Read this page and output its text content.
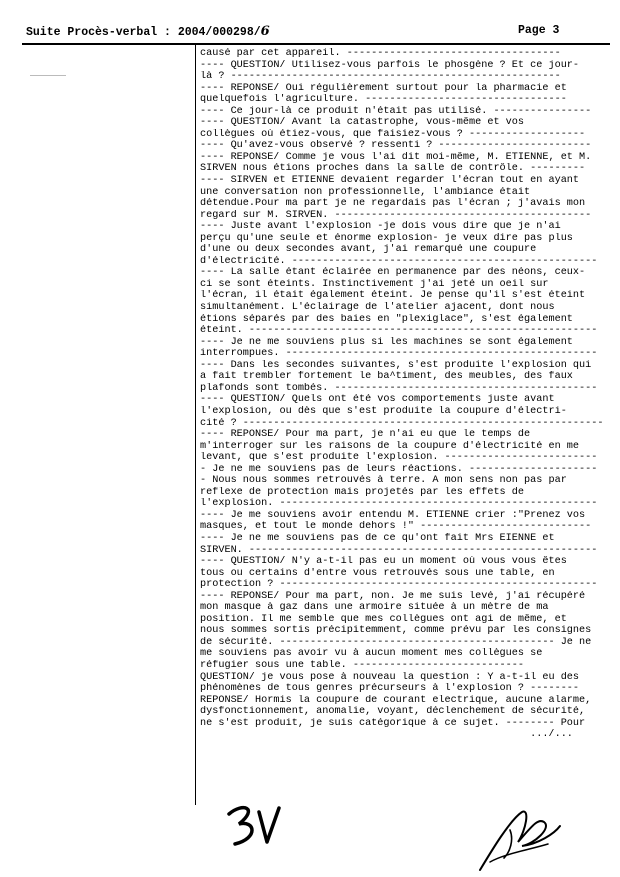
Suite Procès-verbal : 2004/000298/6	Page 3
causé par cet appareil. -----------------------------------
---- QUESTION/ Utilisez-vous parfois le phosgène ? Et ce jour-
là ? ------------------------------------------------------
---- REPONSE/ Oui régulièrement surtout pour la pharmacie et
quelquefois l'agriculture. ---------------------------------
---- Ce jour-là ce produit n'était pas utilisé. ----------------
---- QUESTION/ Avant la catastrophe, vous-même et vos
collègues où étiez-vous, que faisiez-vous ? -------------------
---- Qu'avez-vous observé ? ressenti ? -------------------------
---- REPONSE/ Comme je vous l'ai dit moi-même, M. ETIENNE, et M.
SIRVEN nous étions proches dans la salle de contrôle. ---------
---- SIRVEN et ETIENNE devaient regarder l'écran tout en ayant
une conversation non professionnelle, l'ambiance était
détendue.Pour ma part je ne regardais pas l'écran ; j'avais mon
regard sur M. SIRVEN. ------------------------------------------
---- Juste avant l'explosion -je dois vous dire que je n'ai
perçu qu'une seule et énorme explosion- je veux dire pas plus
d'une ou deux secondes avant, j'ai remarqué une coupure
d'électricité. --------------------------------------------------
---- La salle étant éclairée en permanence par des néons, ceux-
ci se sont éteints. Instinctivement j'ai jeté un oeil sur
l'écran, il était également éteint. Je pense qu'il s'est éteint
simultanément. L'éclairage de l'atelier ajacent, dont nous
étions séparés par des baies en "plexiglace", s'est également
éteint. ---------------------------------------------------------
---- Je ne me souviens plus si les machines se sont également
interrompues. ---------------------------------------------------
---- Dans les secondes suivantes, s'est produite l'explosion qui
a fait trembler fortement le ba^timent, des meubles, des faux
plafonds sont tombés. -------------------------------------------
---- QUESTION/ Quels ont été vos comportements juste avant
l'explosion, ou dès que s'est produite la coupure d'électri-
cité ? -----------------------------------------------------------
---- REPONSE/ Pour ma part, je n'ai eu que le temps de
m'interroger sur les raisons de la coupure d'électricité en me
levant, que s'est produite l'explosion. -------------------------
- Je ne me souviens pas de leurs réactions. ---------------------
- Nous nous sommes retrouvés à terre. A mon sens non pas par
reflexe de protection mais projetés par les effets de
l'explosion. ----------------------------------------------------
---- Je me souviens avoir entendu M. ETIENNE crier :"Prenez vos
masques, et tout le monde dehors !" ----------------------------
---- Je ne me souviens pas de ce qu'ont fait Mrs EIENNE et
SIRVEN. ---------------------------------------------------------
---- QUESTION/ N'y a-t-il pas eu un moment où vous vous êtes
tous ou certains d'entre vous retrouvés sous une table, en
protection ? ----------------------------------------------------
---- REPONSE/ Pour ma part, non. Je me suis levé, j'ai récupéré
mon masque à gaz dans une armoire située à un mètre de ma
position. Il me semble que mes collègues ont agi de même, et
nous sommes sortis précipitemment, comme prévu par les consignes
de sécurité. --------------------------------------------- Je ne
me souviens pas avoir vu à aucun moment mes collègues se
réfugier sous une table. ----------------------------
QUESTION/ je vous pose à nouveau la question : Y a-t-il eu des
phénomènes de tous genres précurseurs à l'explosion ? --------
REPONSE/ Hormis la coupure de courant electrique, aucune alarme,
dysfonctionnement, anomalie, voyant, déclenchement de sécurité,
ne s'est produit, je suis catégorique à ce sujet. -------- Pour
.../...
